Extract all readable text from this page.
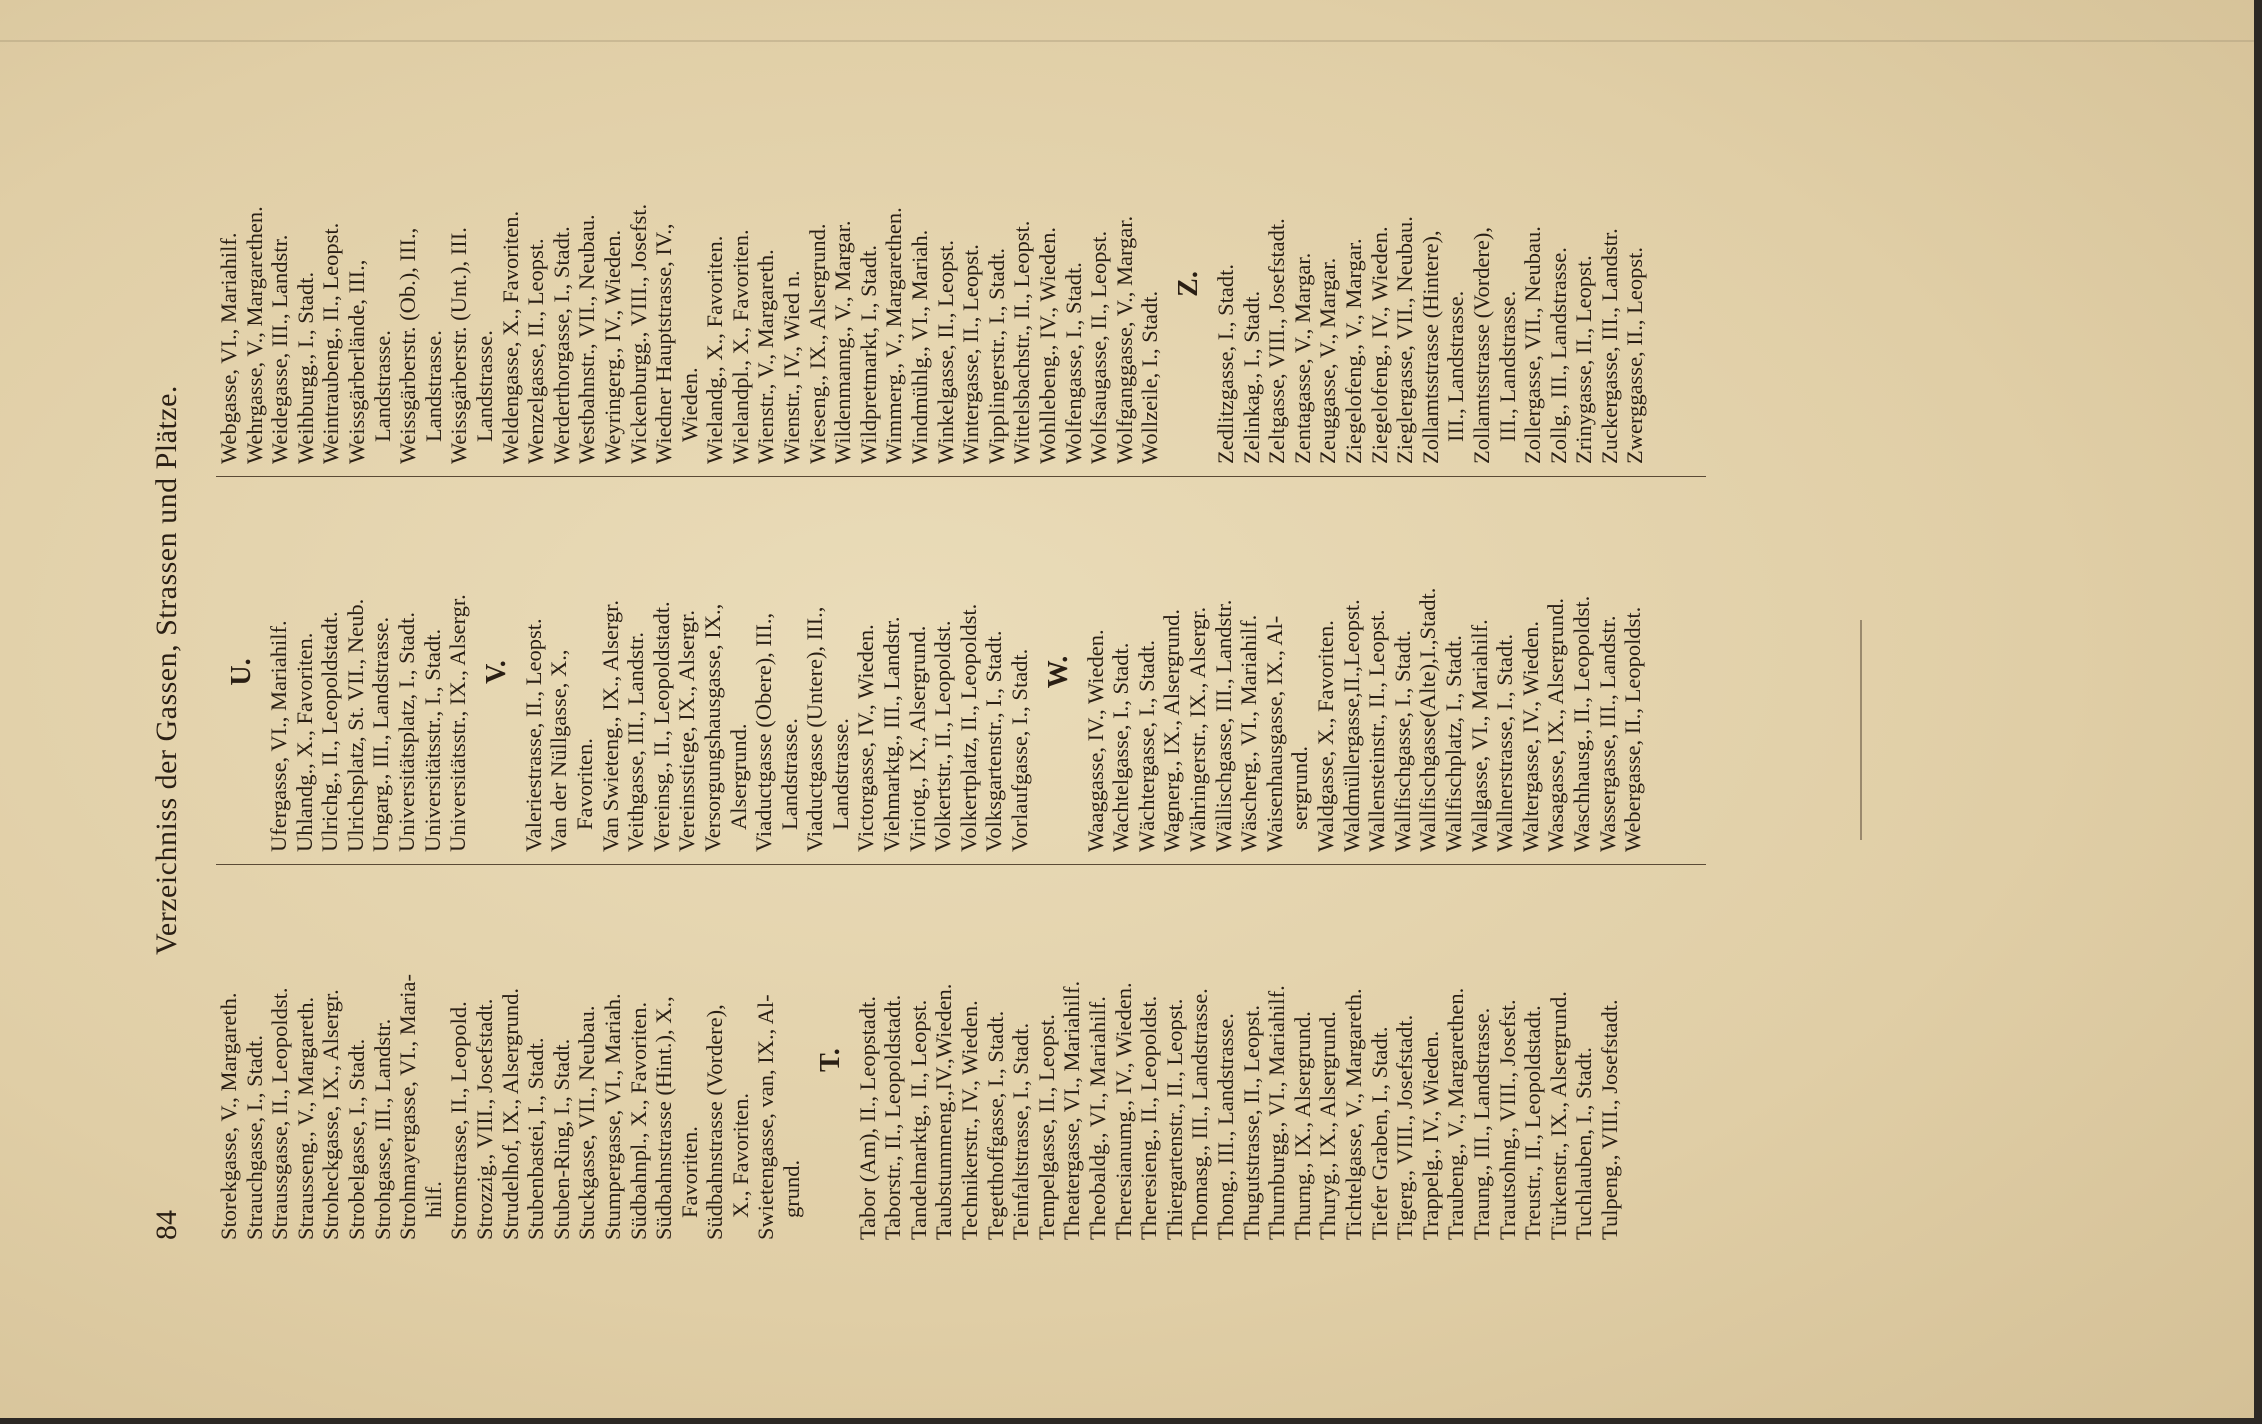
84
Verzeichniss der Gassen, Strassen und Plätze.
Storekgasse, V., Margareth. Strauchgasse, I., Stadt. Straussgasse, II., Leopoldst. Strausseng., V., Margareth. Stroheckgasse, IX., Alsergr. Strobelgasse, I., Stadt. Strohgasse, III., Landstr. Strohmayergasse, VI., Maria- hilf. Stromstrasse, II., Leopold. Strozzig., VIII., Josefstadt. Strudelhof, IX., Alsergrund. Stubenbastei, I., Stadt. Stuben-Ring, I., Stadt. Stuckgasse, VII., Neubau. Stumpergasse, VI., Mariah. Südbahnpl., X., Favoriten. Südbahnstrasse (Hint.), X., Favoriten. Südbahnstrasse (Vordere), X., Favoriten. Swietengasse, van, IX., Al- grund.
T. Tabor (Am), II., Leopstadt. Taborstr., II., Leopoldstadt. Tandelmarktg., II., Leopst. Taubstummeng.,IV.,Wieden. Technikerstr., IV., Wieden. Tegetthoffgasse, I., Stadt. Teinfaltstrasse, I., Stadt. Tempelgasse, II., Leopst. Theatergasse, VI., Mariahilf. Theobaldg., VI., Mariahilf. Theresianumg., IV., Wieden. Theresieng., II., Leopoldst. Thiergartenstr., II., Leopst. Thomasg., III., Landstrasse. Thong., III., Landstrasse. Thugutstrasse, II., Leopst. Thurnburgg., VI., Mariahilf. Thurng., IX., Alsergrund. Thuryg., IX., Alsergrund. Tichtelgasse, V., Margareth. Tiefer Graben, I., Stadt. Tigerg., VIII., Josefstadt. Trappelg., IV., Wieden. Traubeng., V., Margarethen. Traung., III., Landstrasse. Trautsohng., VIII., Josefst. Treustr., II., Leopoldstadt. Türkenstr., IX., Alsergrund. Tuchlauben, I., Stadt. Tulpeng., VIII., Josefstadt.
U. Ufergasse, VI., Mariahilf. Uhlandg., X., Favoriten. Ulrichg., II., Leopoldstadt. Ulrichsplatz, St. VII., Neub. Ungarg., III., Landstrasse. Universitätsplatz, I., Stadt. Universitätsstr., I., Stadt. Universitätsstr., IX., Alsergr. V. Valeriestrasse, II., Leopst. Van der Nüllgasse, X., Favoriten. Van Swieteng., IX., Alsergr. Veithgasse, III., Landstr. Vereinsg., II., Leopoldstadt. Vereinsstiege, IX., Alsergr. Versorgungshausgasse, IX., Alsergrund. Viaductgasse (Obere), III., Landstrasse. Viaductgasse (Untere), III., Landstrasse. Victorgasse, IV., Wieden. Viehmarktg., III., Landstr. Viriotg., IX., Alsergrund. Volkertstr., II., Leopoldst. Volkertplatz, II., Leopoldst. Volksgartenstr., I., Stadt. Vorlaufgasse, I., Stadt. W. Waaggasse, IV., Wieden. Wachtelgasse, I., Stadt. Wächtergasse, I., Stadt. Wagnerg., IX., Alsergrund. Währingerstr., IX., Alsergr. Wällischgasse, III., Landstr. Wäscherg., VI., Mariahilf. Waisenhausgasse, IX., Al- sergrund. Waldgasse, X., Favoriten. Waldmüllergasse,II.,Leopst. Wallensteinstr., II., Leopst. Wallfischgasse, I., Stadt. Wallfischgasse(Alte),I.,Stadt. Wallfischplatz, I., Stadt. Wallgasse, VI., Mariahilf. Wallnerstrasse, I., Stadt. Waltergasse, IV., Wieden. Wasagasse, IX., Alsergrund. Waschhausg., II., Leopoldst. Wassergasse, III., Landstr. Webergasse, II., Leopoldst.
Webgasse, VI., Mariahilf. Wehrgasse, V., Margarethen. Weidegasse, III., Landstr. Weihburgg., I., Stadt. Weintraubeng., II., Leopst. Weissgärberlände, III., Landstrasse. Weissgärberstr. (Ob.), III., Landstrasse. Weissgärberstr. (Unt.), III. Landstrasse. Weldengasse, X., Favoriten. Wenzelgasse, II., Leopst. Werderthorgasse, I., Stadt. Westbahnstr., VII., Neubau. Weyringerg., IV., Wieden. Wickenburgg., VIII., Josefst. Wiedner Hauptstrasse, IV., Wieden. Wielandg., X., Favoriten. Wielandpl., X., Favoriten. Wienstr., V., Margareth. Wienstr., IV., Wied n. Wieseng., IX., Alsergrund. Wildenmanng., V., Margar. Wildpretmarkt, I., Stadt. Wimmerg., V., Margarethen. Windmühlg., VI., Mariah. Winkelgasse, II., Leopst. Wintergasse, II., Leopst. Wipplingerstr., I., Stadt. Wittelsbachstr., II., Leopst. Wohllebeng., IV., Wieden. Wolfengasse, I., Stadt. Wolfsaugasse, II., Leopst. Wolfganggasse, V., Margar. Wollzeile, I., Stadt.
Z. Zedlitzgasse, I., Stadt. Zelinkag., I., Stadt. Zeltgasse, VIII., Josefstadt. Zentagasse, V., Margar. Zeuggasse, V., Margar. Ziegelofeng., V., Margar. Ziegelofeng., IV., Wieden. Zieglergasse, VII., Neubau. Zollamtsstrasse (Hintere), III., Landstrasse. Zollamtsstrasse (Vordere), III., Landstrasse. Zollergasse, VII., Neubau. Zollg., III., Landstrasse. Zrinygasse, II., Leopst. Zuckergasse, III., Landstr. Zwerggasse, II., Leopst.
